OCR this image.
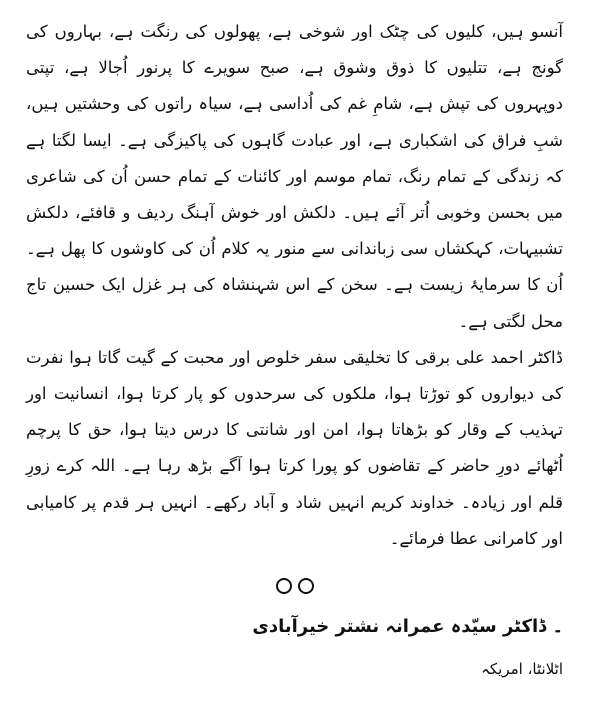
آنسو ہیں، کلیوں کی چٹک اور شوخی ہے، پھولوں کی رنگت ہے، بہاروں کی گونج ہے، تتلیوں کا ذوق وشوق ہے، صبح سویرے کا پرنور اُجالا ہے، تپتی دوپہروں کی تپش ہے، شامِ غم کی اُداسی ہے، سیاہ راتوں کی وحشتیں ہیں، شبِ فراق کی اشکباری ہے، اور عبادت گاہوں کی پاکیزگی ہے۔ ایسا لگتا ہے کہ زندگی کے تمام رنگ، تمام موسم اور کائنات کے تمام حسن اُن کی شاعری میں بحسن وخوبی اُتر آئے ہیں۔ دلکش اور خوش آہنگ ردیف و قافئے، دلکش تشبیہات، کہکشاں سی زباندانی سے منور یہ کلام اُن کی کاوشوں کا پھل ہے۔ اُن کا سرمایۂ زیست ہے۔ سخن کے اس شہنشاہ کی ہر غزل ایک حسین تاج محل لگتی ہے۔

ڈاکٹر احمد علی برقی کا تخلیقی سفر خلوص اور محبت کے گیت گاتا ہوا نفرت کی دیواروں کو توڑتا ہوا، ملکوں کی سرحدوں کو پار کرتا ہوا، انسانیت اور تہذیب کے وقار کو بڑھاتا ہوا، امن اور شانتی کا درس دیتا ہوا، حق کا پرچم اُٹھائے دورِ حاضر کے تقاضوں کو پورا کرتا ہوا آگے بڑھ رہا ہے۔ اللہ کرے زورِ قلم اور زیادہ۔ خداوند کریم انہیں شاد و آباد رکھے۔ انہیں ہر قدم پر کامیابی اور کامرانی عطا فرمائے۔

۔ ڈاکٹر سیّدہ عمرانہ نشتر خیرآبادی
اٹلانٹا، امریکہ
